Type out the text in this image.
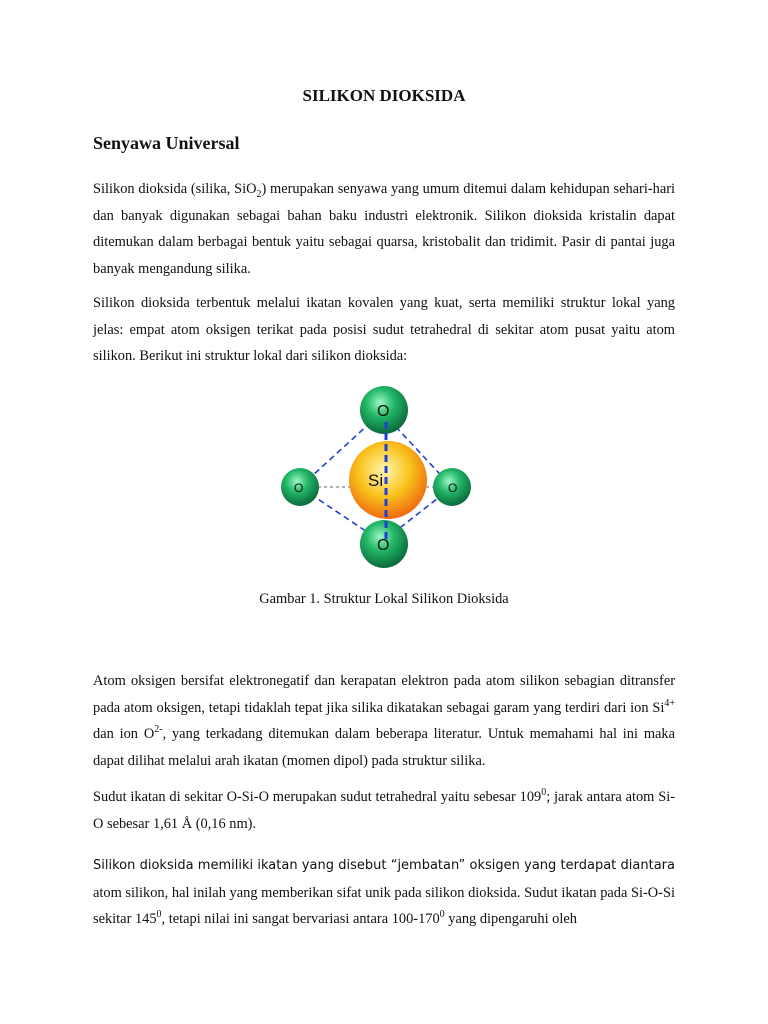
SILIKON DIOKSIDA
Senyawa Universal

Silikon dioksida (silika, SiO$_2$) merupakan senyawa yang umum ditemui dalam kehidupan sehari-hari dan banyak digunakan sebagai bahan baku industri elektronik. Silikon dioksida kristalin dapat ditemukan dalam berbagai bentuk yaitu sebagai quarsa, kristobalit dan tridimit. Pasir di pantai juga banyak mengandung silika.

Silikon dioksida terbentuk melalui ikatan kovalen yang kuat, serta memiliki struktur lokal yang jelas: empat atom oksigen terikat pada posisi sudut tetrahedral di sekitar atom pusat yaitu atom silikon. Berikut ini struktur lokal dari silikon dioksida:

Si
O
O
O	O

Gambar 1. Struktur Lokal Silikon Dioksida

Atom oksigen bersifat elektronegatif dan kerapatan elektron pada atom silikon sebagian ditransfer pada atom oksigen, tetapi tidaklah tepat jika silika dikatakan sebagai garam yang terdiri dari ion $Si^{4+}$ dan ion $O^{2-}$, yang terkadang ditemukan dalam beberapa literatur. Untuk memahami hal ini maka dapat dilihat melalui arah ikatan (momen dipol) pada struktur silika.

Sudut ikatan di sekitar O-Si-O merupakan sudut tetrahedral yaitu sebesar $109^0$; jarak antara atom Si-O sebesar 1,61 Å (0,16 nm).

Silikon dioksida memiliki ikatan yang disebut “jembatan” oksigen yang terdapat diantara atom silikon, hal inilah yang memberikan sifat unik pada silikon dioksida. Sudut ikatan pada Si-O-Si sekitar $145^0$, tetapi nilai ini sangat bervariasi antara $100-170^0$ yang dipengaruhi oleh
